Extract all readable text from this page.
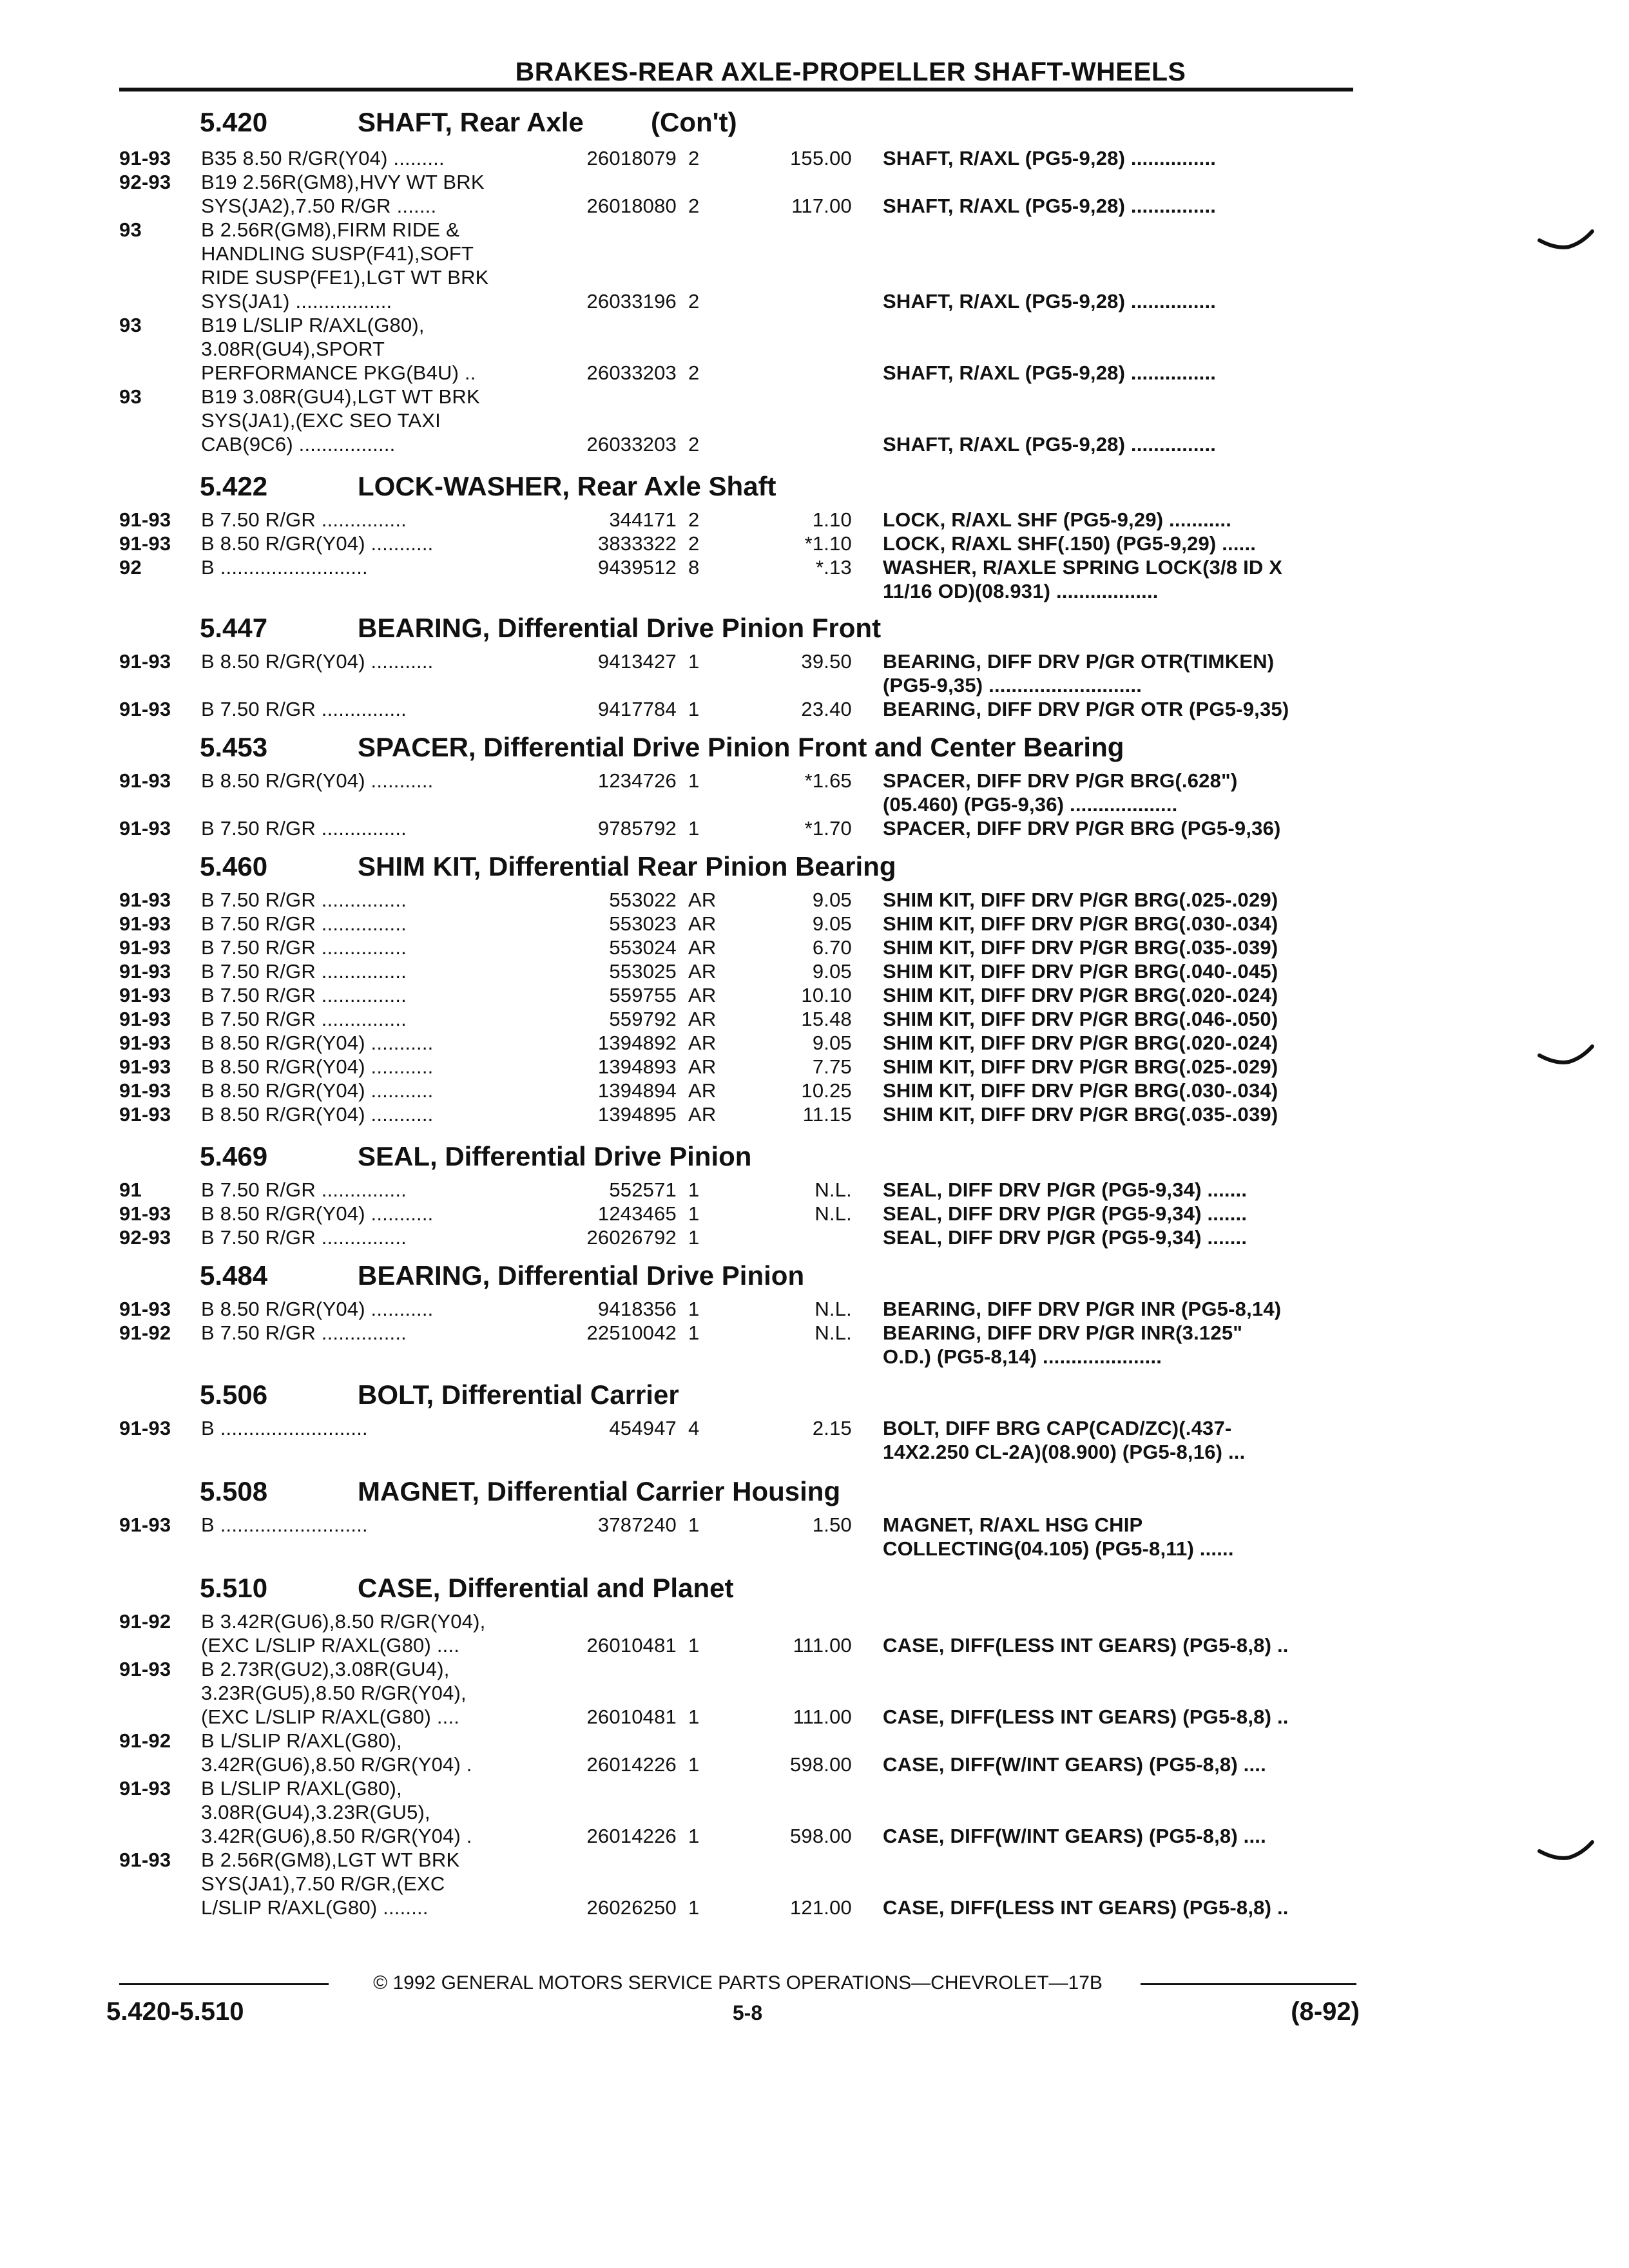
BRAKES-REAR AXLE-PROPELLER SHAFT-WHEELS
5.420	SHAFT, Rear Axle (Con't)
91-93 B35 8.50 R/GR(Y04) .........	26018079 2	155.00 SHAFT, R/AXL (PG5-9,28) ...............
92-93 B19 2.56R(GM8),HVY WT BRK
SYS(JA2),7.50 R/GR .......	26018080 2	117.00 SHAFT, R/AXL (PG5-9,28) ...............
93	B 2.56R(GM8),FIRM RIDE &
HANDLING SUSP(F41),SOFT
RIDE SUSP(FE1),LGT WT BRK
SYS(JA1) .................	26033196 2	SHAFT, R/AXL (PG5-9,28) ...............
93	B19 L/SLIP R/AXL(G80),
3.08R(GU4),SPORT
PERFORMANCE PKG(B4U) ..	26033203 2	SHAFT, R/AXL (PG5-9,28) ...............
93	B19 3.08R(GU4),LGT WT BRK
SYS(JA1),(EXC SEO TAXI
CAB(9C6) .................	26033203 2	SHAFT, R/AXL (PG5-9,28) ...............
5.422	LOCK-WASHER, Rear Axle Shaft
91-93 B 7.50 R/GR ...............	344171 2	1.10 LOCK, R/AXL SHF (PG5-9,29) ...........
91-93 B 8.50 R/GR(Y04) ...........	3833322 2	*1.10 LOCK, R/AXL SHF(.150) (PG5-9,29) ......
92	B ..........................	9439512 8	*.13 WASHER, R/AXLE SPRING LOCK(3/8 ID X
11/16 OD)(08.931) ..................
5.447	BEARING, Differential Drive Pinion Front
91-93 B 8.50 R/GR(Y04) ...........	9413427 1	39.50 BEARING, DIFF DRV P/GR OTR(TIMKEN)
(PG5-9,35) ...........................
91-93 B 7.50 R/GR ...............	9417784 1	23.40 BEARING, DIFF DRV P/GR OTR (PG5-9,35)
5.453	SPACER, Differential Drive Pinion Front and Center Bearing
91-93 B 8.50 R/GR(Y04) ...........	1234726 1	*1.65 SPACER, DIFF DRV P/GR BRG(.628")
(05.460) (PG5-9,36) ...................
91-93 B 7.50 R/GR ...............	9785792 1	*1.70 SPACER, DIFF DRV P/GR BRG (PG5-9,36)
5.460	SHIM KIT, Differential Rear Pinion Bearing
91-93 B 7.50 R/GR ...............	553022 AR	9.05 SHIM KIT, DIFF DRV P/GR BRG(.025-.029)
91-93 B 7.50 R/GR ...............	553023 AR	9.05 SHIM KIT, DIFF DRV P/GR BRG(.030-.034)
91-93 B 7.50 R/GR ...............	553024 AR	6.70 SHIM KIT, DIFF DRV P/GR BRG(.035-.039)
91-93 B 7.50 R/GR ...............	553025 AR	9.05 SHIM KIT, DIFF DRV P/GR BRG(.040-.045)
91-93 B 7.50 R/GR ...............	559755 AR	10.10 SHIM KIT, DIFF DRV P/GR BRG(.020-.024)
91-93 B 7.50 R/GR ...............	559792 AR	15.48 SHIM KIT, DIFF DRV P/GR BRG(.046-.050)
91-93 B 8.50 R/GR(Y04) ...........	1394892 AR	9.05 SHIM KIT, DIFF DRV P/GR BRG(.020-.024)
91-93 B 8.50 R/GR(Y04) ...........	1394893 AR	7.75 SHIM KIT, DIFF DRV P/GR BRG(.025-.029)
91-93 B 8.50 R/GR(Y04) ...........	1394894 AR	10.25 SHIM KIT, DIFF DRV P/GR BRG(.030-.034)
91-93 B 8.50 R/GR(Y04) ...........	1394895 AR	11.15 SHIM KIT, DIFF DRV P/GR BRG(.035-.039)
5.469	SEAL, Differential Drive Pinion
91	B 7.50 R/GR ...............	552571 1	N.L. SEAL, DIFF DRV P/GR (PG5-9,34) .......
91-93 B 8.50 R/GR(Y04) ...........	1243465 1	N.L. SEAL, DIFF DRV P/GR (PG5-9,34) .......
92-93 B 7.50 R/GR ...............	26026792 1	SEAL, DIFF DRV P/GR (PG5-9,34) .......
5.484	BEARING, Differential Drive Pinion
91-93 B 8.50 R/GR(Y04) ...........	9418356 1	N.L. BEARING, DIFF DRV P/GR INR (PG5-8,14)
91-92 B 7.50 R/GR ...............	22510042 1	N.L. BEARING, DIFF DRV P/GR INR(3.125"
O.D.) (PG5-8,14) .....................
5.506	BOLT, Differential Carrier
91-93 B ..........................	454947 4	2.15 BOLT, DIFF BRG CAP(CAD/ZC)(.437-
14X2.250 CL-2A)(08.900) (PG5-8,16) ...
5.508	MAGNET, Differential Carrier Housing
91-93 B ..........................	3787240 1	1.50 MAGNET, R/AXL HSG CHIP
COLLECTING(04.105) (PG5-8,11) ......
5.510	CASE, Differential and Planet
91-92 B 3.42R(GU6),8.50 R/GR(Y04),
(EXC L/SLIP R/AXL(G80) ....	26010481 1	111.00 CASE, DIFF(LESS INT GEARS) (PG5-8,8) ..
91-93 B 2.73R(GU2),3.08R(GU4),
3.23R(GU5),8.50 R/GR(Y04),
(EXC L/SLIP R/AXL(G80) ....	26010481 1	111.00 CASE, DIFF(LESS INT GEARS) (PG5-8,8) ..
91-92 B L/SLIP R/AXL(G80),
3.42R(GU6),8.50 R/GR(Y04) .	26014226 1	598.00 CASE, DIFF(W/INT GEARS) (PG5-8,8) ....
91-93 B L/SLIP R/AXL(G80),
3.08R(GU4),3.23R(GU5),
3.42R(GU6),8.50 R/GR(Y04) .	26014226 1	598.00 CASE, DIFF(W/INT GEARS) (PG5-8,8) ....
91-93 B 2.56R(GM8),LGT WT BRK
SYS(JA1),7.50 R/GR,(EXC
L/SLIP R/AXL(G80) ........	26026250 1	121.00 CASE, DIFF(LESS INT GEARS) (PG5-8,8) ..
© 1992 GENERAL MOTORS SERVICE PARTS OPERATIONS—CHEVROLET—17B
5.420-5.510	5-8	(8-92)
